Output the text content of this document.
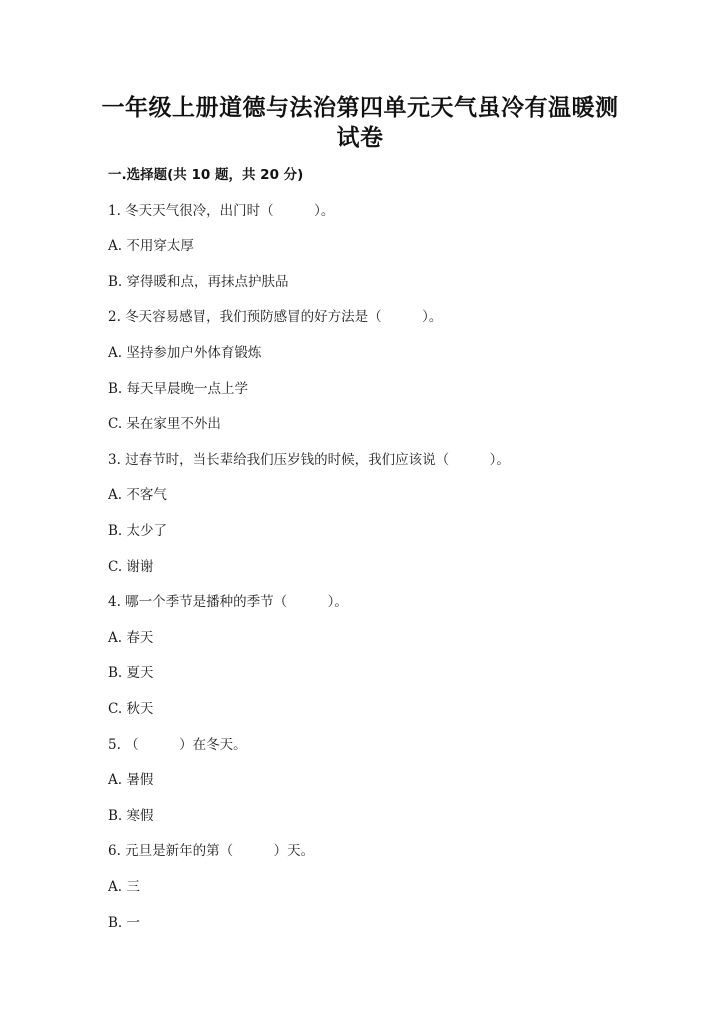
一年级上册道德与法治第四单元天气虽冷有温暖测
试卷
一.选择题(共 10 题，共 20 分)
1. 冬天天气很冷，出门时（　　　）。
A. 不用穿太厚
B. 穿得暖和点，再抹点护肤品
2. 冬天容易感冒，我们预防感冒的好方法是（　　　）。
A. 坚持参加户外体育锻炼
B. 每天早晨晚一点上学
C. 呆在家里不外出
3. 过春节时，当长辈给我们压岁钱的时候，我们应该说（　　　）。
A. 不客气
B. 太少了
C. 谢谢
4. 哪一个季节是播种的季节（　　　）。
A. 春天
B. 夏天
C. 秋天
5. （　　　）在冬天。
A. 暑假
B. 寒假
6. 元旦是新年的第（　　　）天。
A. 三
B. 一
